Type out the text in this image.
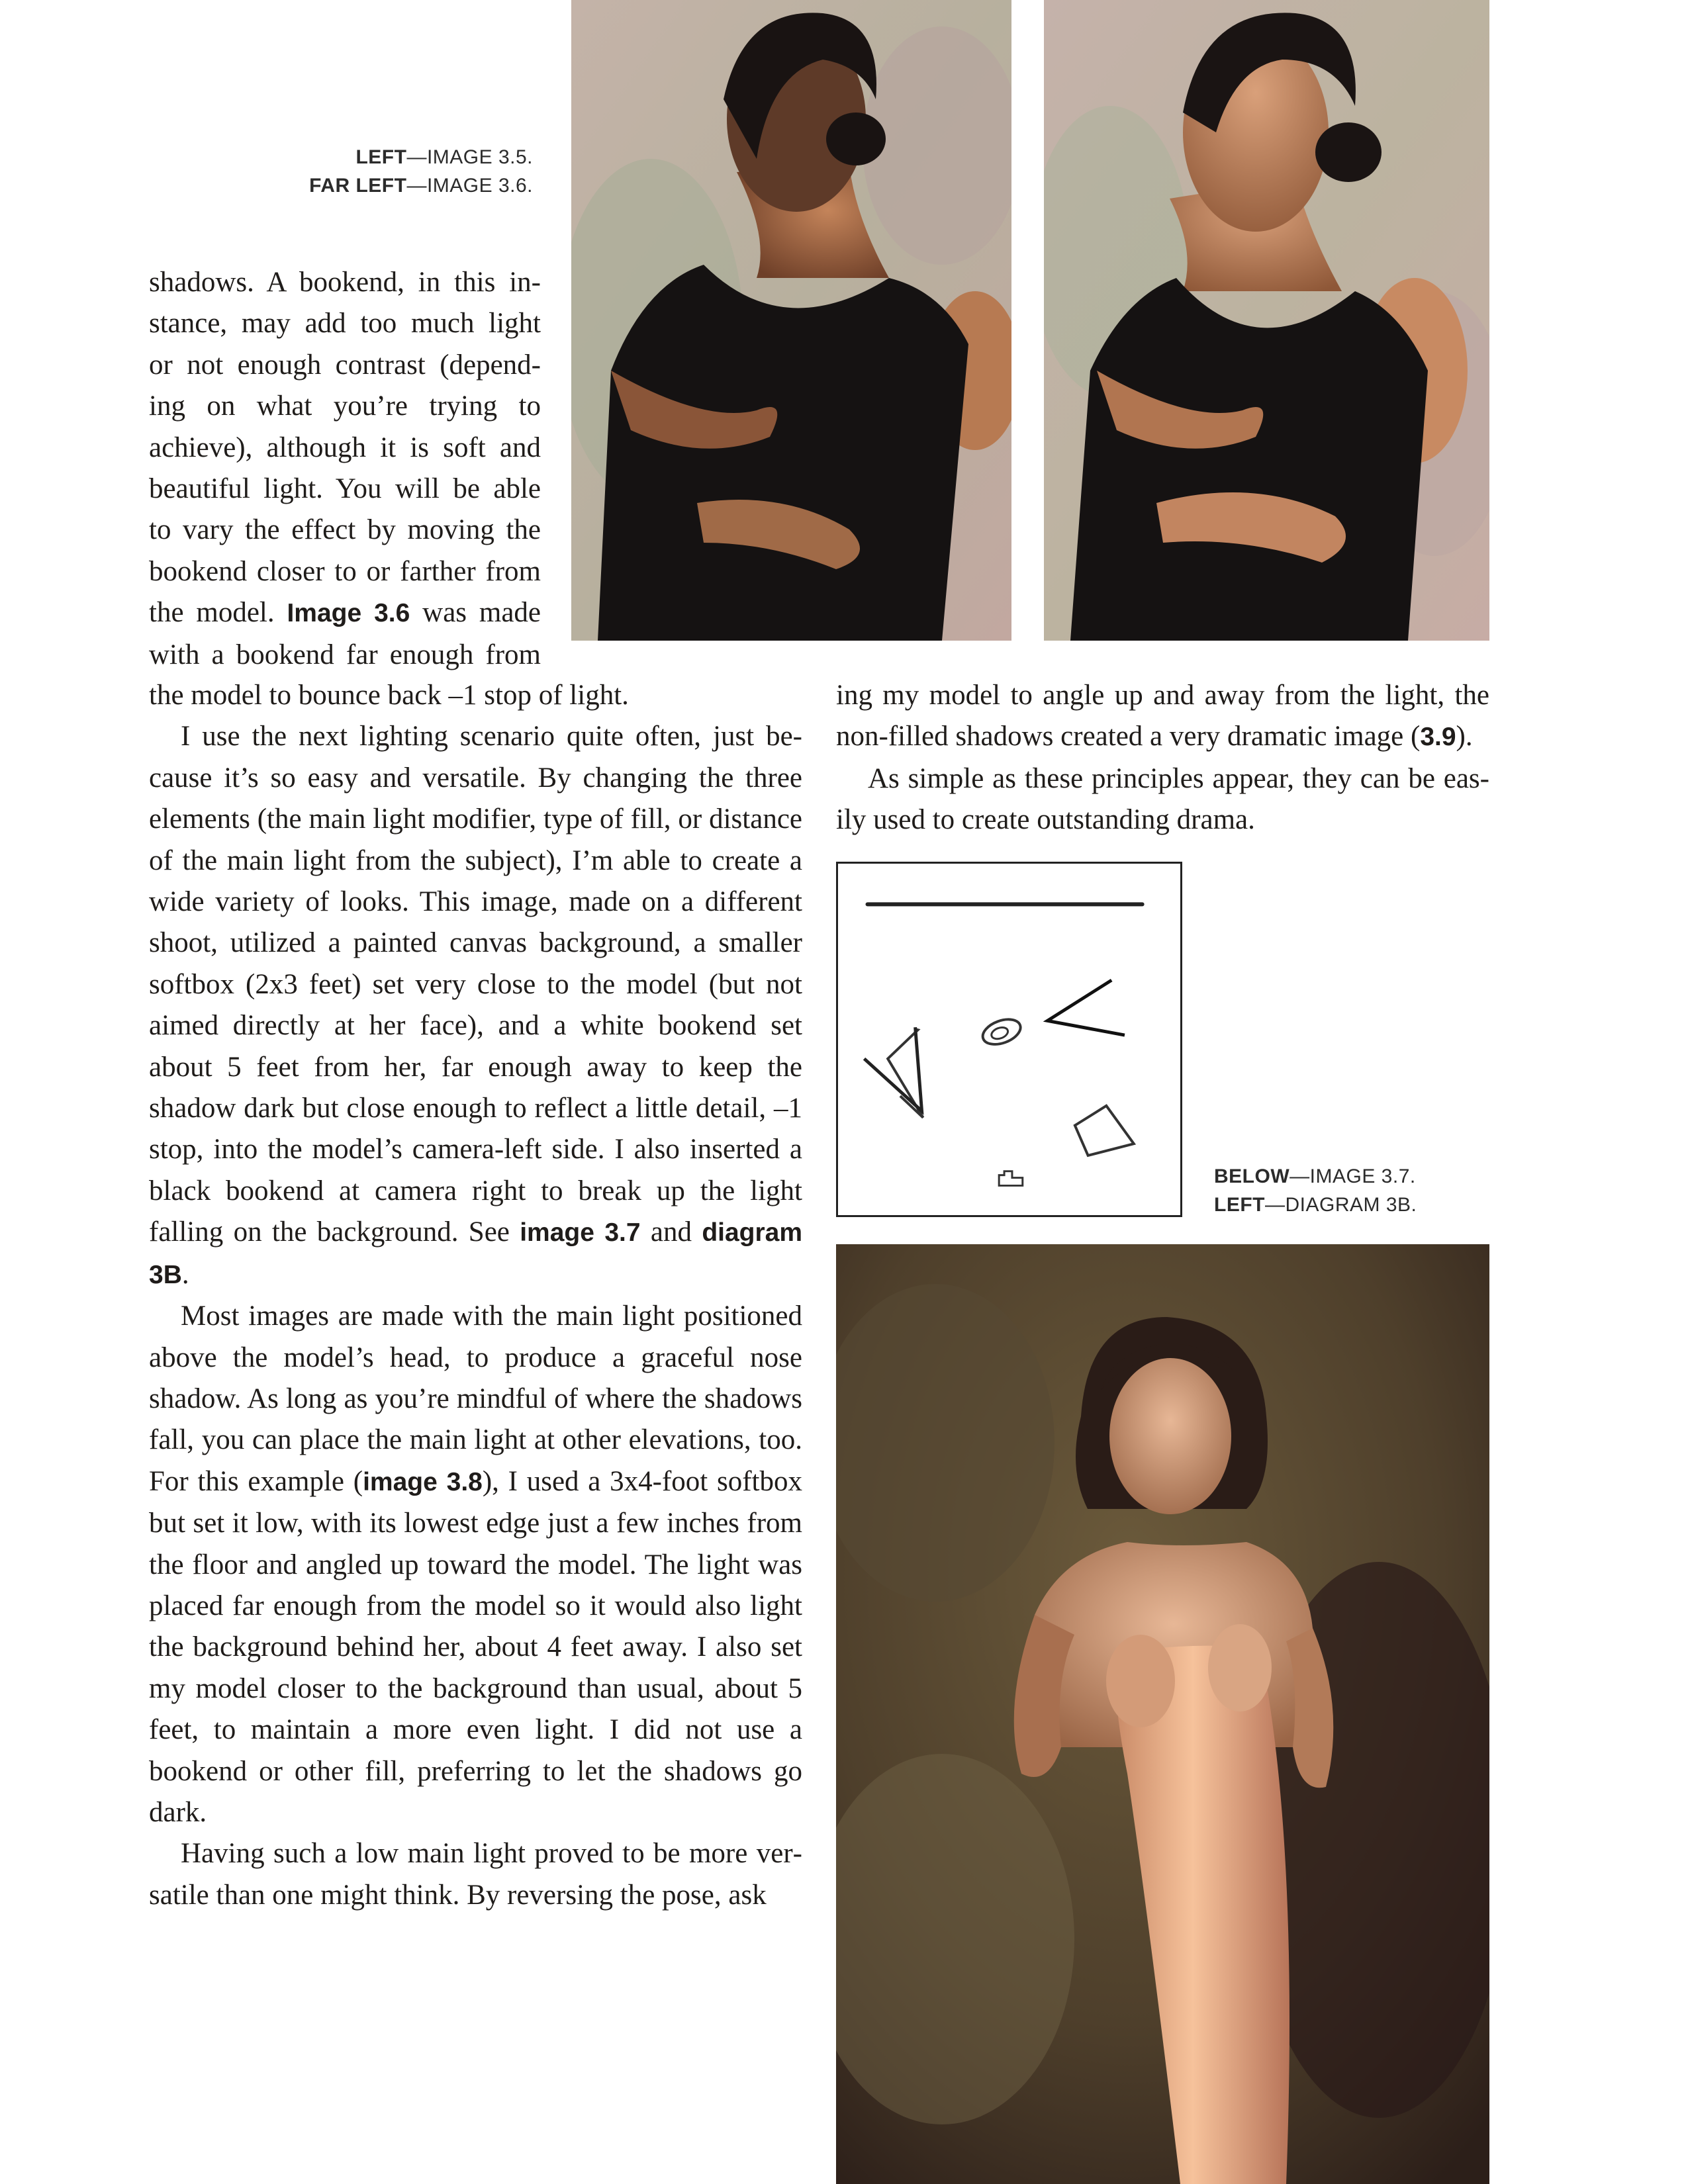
LEFT—IMAGE 3.5.
FAR LEFT—IMAGE 3.6.
shadows. A bookend, in this in-
stance, may add too much light
or not enough contrast (depend-
ing on what you’re trying to
achieve), although it is soft and
beautiful light. You will be able
to vary the effect by moving the
bookend closer to or farther from
the model. Image 3.6 was made
with a bookend far enough from

the model to bounce back –1 stop of light.

I use the next lighting scenario quite often, just because it’s so easy and versatile. By changing the three elements (the main light modifier, type of fill, or distance of the main light from the subject), I’m able to create a wide variety of looks. This image, made on a different shoot, utilized a painted canvas background, a smaller softbox (2x3 feet) set very close to the model (but not aimed directly at her face), and a white bookend set about 5 feet from her, far enough away to keep the shadow dark but close enough to reflect a little detail, –1 stop, into the model’s camera-left side. I also inserted a black bookend at camera right to break up the light falling on the background. See image 3.7 and diagram 3B.

Most images are made with the main light positioned above the model’s head, to produce a graceful nose shadow. As long as you’re mindful of where the shadows fall, you can place the main light at other elevations, too. For this example (image 3.8), I used a 3x4-foot softbox but set it low, with its lowest edge just a few inches from the floor and angled up toward the model. The light was placed far enough from the model so it would also light the background behind her, about 4 feet away. I also set my model closer to the background than usual, about 5 feet, to maintain a more even light. I did not use a bookend or other fill, preferring to let the shadows go dark.

Having such a low main light proved to be more versatile than one might think. By reversing the pose, ask

ing my model to angle up and away from the light, the non-filled shadows created a very dramatic image (3.9).

As simple as these principles appear, they can be easily used to create outstanding drama.

BELOW—IMAGE 3.7.
LEFT—DIAGRAM 3B.
